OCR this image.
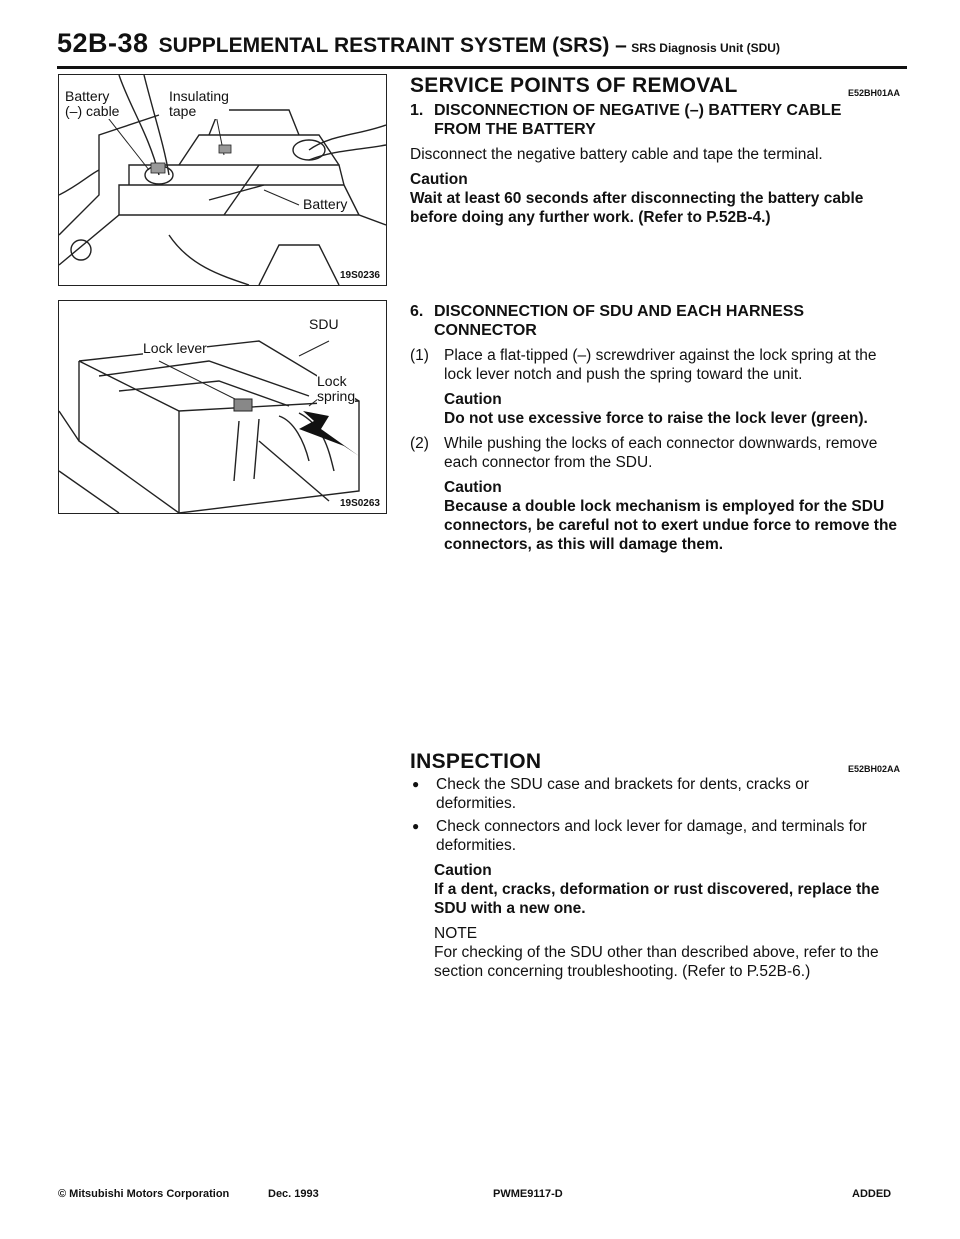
52B-38 SUPPLEMENTAL RESTRAINT SYSTEM (SRS) – SRS Diagnosis Unit (SDU)
Battery
(–) cable
Insulating
tape
Battery
19S0236
SDU
Lock lever
Lock
spring
19S0263
SERVICE POINTS OF REMOVAL	E52BH01AA
1. DISCONNECTION OF NEGATIVE (–) BATTERY CABLE FROM THE BATTERY
Disconnect the negative battery cable and tape the terminal.
Caution
Wait at least 60 seconds after disconnecting the battery cable before doing any further work. (Refer to P.52B-4.)
6. DISCONNECTION OF SDU AND EACH HARNESS CONNECTOR
(1) Place a flat-tipped (–) screwdriver against the lock spring at the lock lever notch and push the spring toward the unit.
Caution
Do not use excessive force to raise the lock lever (green).
(2) While pushing the locks of each connector downwards, remove each connector from the SDU.
Caution
Because a double lock mechanism is employed for the SDU connectors, be careful not to exert undue force to remove the connectors, as this will damage them.
INSPECTION	E52BH02AA
●	Check the SDU case and brackets for dents, cracks or deformities.
●	Check connectors and lock lever for damage, and terminals for deformities.
Caution
If a dent, cracks, deformation or rust discovered, replace the SDU with a new one.
NOTE
For checking of the SDU other than described above, refer to the section concerning troubleshooting. (Refer to P.52B-6.)
© Mitsubishi Motors Corporation	Dec. 1993	PWME9117-D	ADDED
